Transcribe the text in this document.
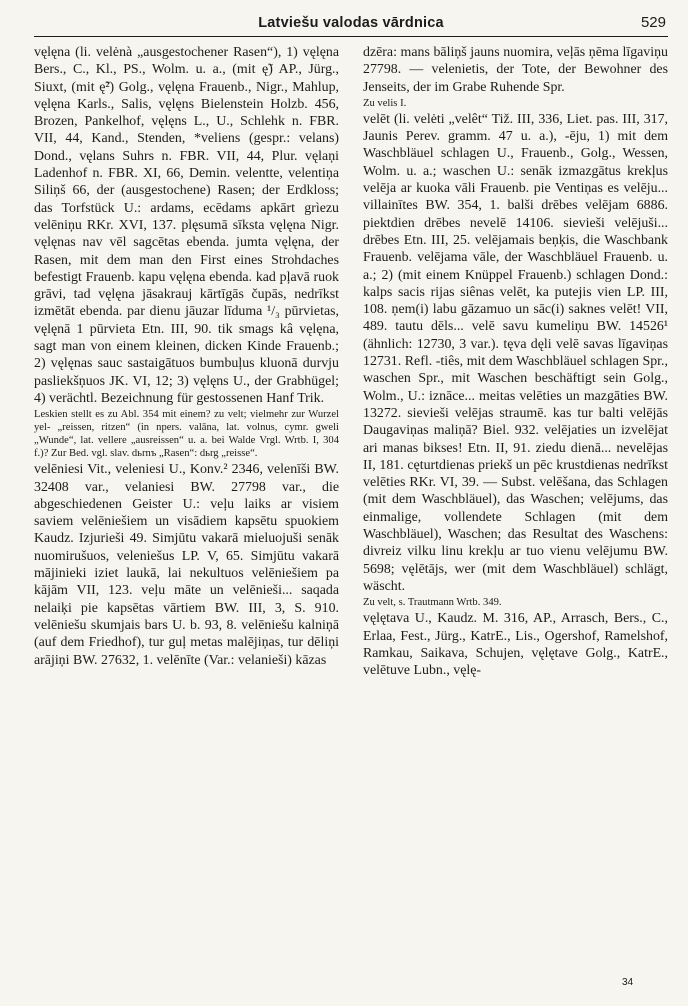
Latviešu valodas vārdnica	529

vęlęna (li. velėnà „ausgestochener Rasen“), 1) vęlęna Bers., C., Kl., PS., Wolm. u. a., (mit ę̃) AP., Jürg., Siuxt, (mit ę̃²) Golg., vęlęna Frauenb., Nigr., Mahlup, vęlęna Karls., Salis, vęlęns Bielenstein Holzb. 456, Brozen, Pankelhof, vęlęns L., U., Schlehk n. FBR. VII, 44, Kand., Stenden, *veliens (gespr.: velans) Dond., vęlans Suhrs n. FBR. VII, 44, Plur. vęlaņi Ladenhof n. FBR. XI, 66, Demin. velentte, velentiņa Siliņš 66, der (ausgestochene) Rasen; der Erdkloss; das Torfstück U.: ardams, ecēdams apkārt grìezu velēniņu RKr. XVI, 137. plęsumā sīksta vęlęna Nigr. vęlęnas nav vēl sagcētas ebenda. jumta vęlęna, der Rasen, mit dem man den First eines Strohdaches befestigt Frauenb. kapu vęlęna ebenda. kad pļavā ruok grāvi, tad vęlęna jāsakrauj kārtīgās čupās, nedrīkst izmētāt ebenda. par dienu jāuzar līduma ¹/₃ pūrvietas, vęlęnā 1 pūrvieta Etn. III, 90. tik smags kâ vęlęna, sagt man von einem kleinen, dicken Kinde Frauenb.; 2) vęlęnas sauc sastaigātuos bumbuļus kluonā durvju pasliekšņuos JK. VI, 12; 3) vęlęns U., der Grabhügel; 4) verächtl. Bezeichnung für gestossenen Hanf Trik.

Leskien stellt es zu Abl. 354 mit einem? zu velt; vielmehr zur Wurzel yel- „reissen, ritzen“ (in npers. valāna, lat. volnus, cymr. gweli „Wunde“, lat. vellere „ausreissen“ u. a. bei Walde Vrgl. Wrtb. I, 304 f.)? Zur Bed. vgl. slav. dьrnъ „Rasen“: dьrg „reisse“.

velēniesi Vit., veleniesi U., Konv.² 2346, velenīši BW. 32408 var., velaniesi BW. 27798 var., die abgeschiedenen Geister U.: veļu laiks ar visiem saviem velēniešiem un visādiem kapsētu spuokiem Kaudz. Izjurieši 49. Simjūtu vakarā mieluojuši senāk nuomirušuos, veleniešus LP. V, 65. Simjūtu vakarā mājinieki iziet laukā, lai nekultuos velēniešiem pa kājām VII, 123. veļu māte un velēnieši... saqada nelaiķi pie kapsētas vārtiem BW. III, 3, S. 910. velēniešu skumjais bars U. b. 93, 8. velēniešu kalniņā (auf dem Friedhof), tur guļ metas malējiņas, tur dēliņi arājiņi BW. 27632, 1. velēnīte (Var.: velanieši) kāzas

dzēra: mans bāliņš jauns nuomira, veļās ņēma līgaviņu 27798. — velenietis, der Tote, der Bewohner des Jenseits, der im Grabe Ruhende Spr.

Zu velis I.

velēt (li. velėti „velêt“ Tiž. III, 336, Liet. pas. III, 317, Jaunis Perev. gramm. 47 u. a.), -ēju, 1) mit dem Waschbläuel schlagen U., Frauenb., Golg., Wessen, Wolm. u. a.; waschen U.: senāk izmazgātus krekļus velēja ar kuoka vāli Frauenb. pie Ventiņas es velēju... villainītes BW. 354, 1. balši drēbes velējam 6886. piektdien drēbes nevelē 14106. sievieši velējuši... drēbes Etn. III, 25. velējamais beņķis, die Waschbank Frauenb. velējama vāle, der Waschbläuel Frauenb. u. a.; 2) (mit einem Knüppel Frauenb.) schlagen Dond.: kalps sacis rijas siênas velēt, ka putejis vien LP. III, 108. ņem(i) labu gāzamuo un sāc(i) saknes velēt! VII, 489. tautu dēls... velē savu kumeliņu BW. 14526¹ (ähnlich: 12730, 3 var.). tęva dęli velē savas līgaviņas 12731. Refl. -tiês, mit dem Waschbläuel schlagen Spr., waschen Spr., mit Waschen beschäftigt sein Golg., Wolm., U.: iznāce... meitas velēties un mazgāties BW. 13272. sievieši velējas straumē. kas tur balti velējās Daugaviņas maliņā? Biel. 932. velējaties un izvelējat ari manas bikses! Etn. II, 91. ziedu dienā... nevelējas II, 181. cęturtdienas priekš un pēc krustdienas nedrīkst velēties RKr. VI, 39. — Subst. velēšana, das Schlagen (mit dem Waschbläuel), das Waschen; velējums, das einmalige, vollendete Schlagen (mit dem Waschbläuel), Waschen; das Resultat des Waschens: divreiz vilku linu krekļu ar tuo vienu velējumu BW. 5698; vęlētājs, wer (mit dem Waschbläuel) schlägt, wäscht.

Zu velt, s. Trautmann Wrtb. 349.

vęlętava U., Kaudz. M. 316, AP., Arrasch, Bers., C., Erlaa, Fest., Jürg., KatrE., Lis., Ogershof, Ramelshof, Ramkau, Saikava, Schujen, vęlętave Golg., KatrE., velētuve Lubn., vęlę-

34
